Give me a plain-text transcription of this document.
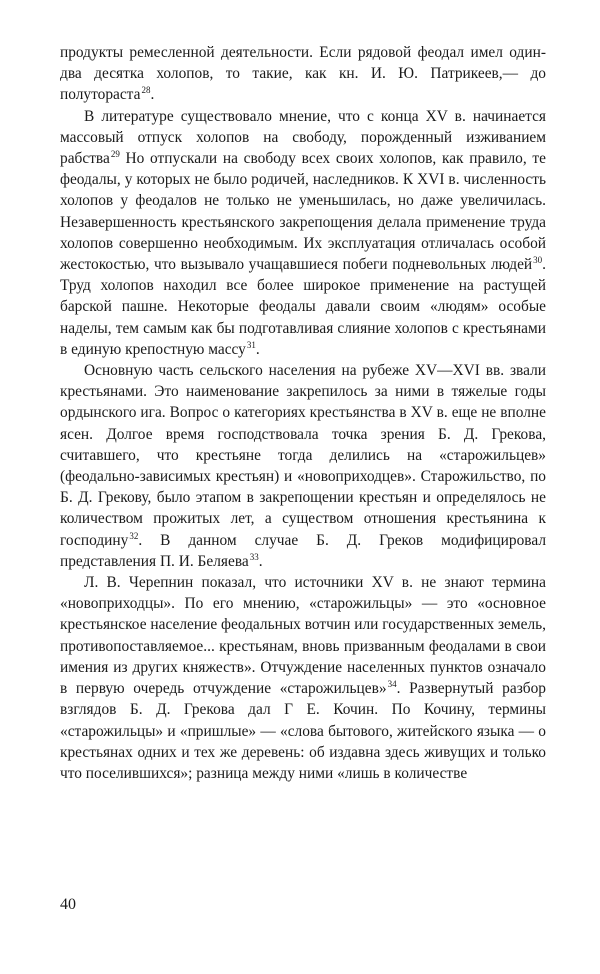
продукты ремесленной деятельности. Если рядовой феодал имел один-два десятка холопов, то такие, как кн. И. Ю. Патрикеев,— до полутораста$^{28}$.

В литературе существовало мнение, что с конца XV в. начинается массовый отпуск холопов на свободу, порожденный изживанием рабства$^{29}$ Но отпускали на свободу всех своих холопов, как правило, те феодалы, у которых не было родичей, наследников. К XVI в. численность холопов у феодалов не только не уменьшилась, но даже увеличилась. Незавершенность крестьянского закрепощения делала применение труда холопов совершенно необходимым. Их эксплуатация отличалась особой жестокостью, что вызывало учащавшиеся побеги подневольных людей$^{30}$. Труд холопов находил все более широкое применение на растущей барской пашне. Некоторые феодалы давали своим «людям» особые наделы, тем самым как бы подготавливая слияние холопов с крестьянами в единую крепостную массу$^{31}$.

Основную часть сельского населения на рубеже XV—XVI вв. звали крестьянами. Это наименование закрепилось за ними в тяжелые годы ордынского ига. Вопрос о категориях крестьянства в XV в. еще не вполне ясен. Долгое время господствовала точка зрения Б. Д. Грекова, считавшего, что крестьяне тогда делились на «старожильцев» (феодально-зависимых крестьян) и «новоприходцев». Старожильство, по Б. Д. Грекову, было этапом в закрепощении крестьян и определялось не количеством прожитых лет, а существом отношения крестьянина к господину$^{32}$. В данном случае Б. Д. Греков модифицировал представления П. И. Беляева$^{33}$.

Л. В. Черепнин показал, что источники XV в. не знают термина «новоприходцы». По его мнению, «старожильцы» — это «основное крестьянское население феодальных вотчин или государственных земель, противопоставляемое... крестьянам, вновь призванным феодалами в свои имения из других княжеств». Отчуждение населенных пунктов означало в первую очередь отчуждение «старожильцев»$^{34}$. Развернутый разбор взглядов Б. Д. Грекова дал Г Е. Кочин. По Кочину, термины «старожильцы» и «пришлые» — «слова бытового, житейского языка — о крестьянах одних и тех же деревень: об издавна здесь живущих и только что поселившихся»; разница между ними «лишь в количестве

40
